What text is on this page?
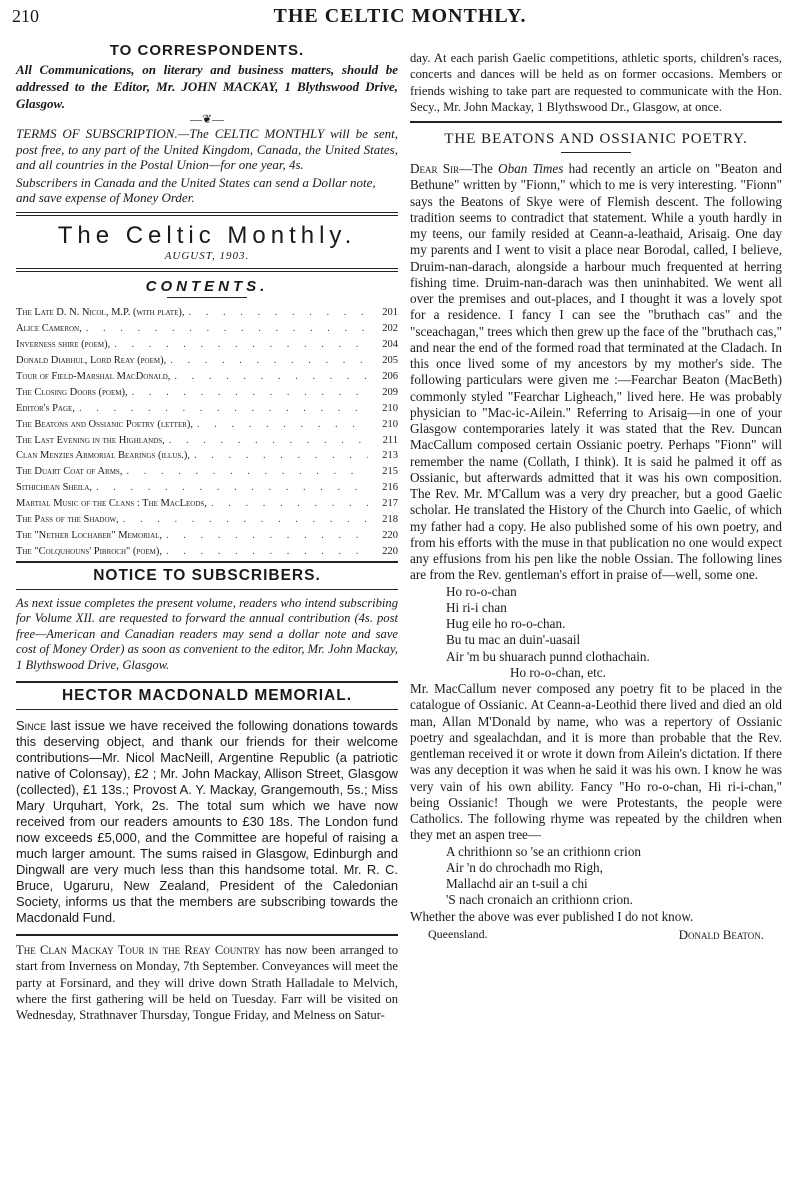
210	THE CELTIC MONTHLY.
TO CORRESPONDENTS.

All Communications, on literary and business matters, should be addressed to the Editor, Mr. JOHN MACKAY, 1 Blythswood Drive, Glasgow.

—❦—

TERMS OF SUBSCRIPTION.—The CELTIC MONTHLY will be sent, post free, to any part of the United Kingdom, Canada, the United States, and all countries in the Postal Union—for one year, 4s.

Subscribers in Canada and the United States can send a Dollar note, and save expense of Money Order.

The Celtic Monthly.
AUGUST, 1903.
CONTENTS.
The Late D. N. Nicol, M.P. (with plate), . . .	201
Alice Cameron, . . .	202
Inverness shire (poem), . . .	204
Donald Diabhul, Lord Reay (poem), . . .	205
Tour of Field-Marshal MacDonald, . . .	206
The Closing Doors (poem), . . .	209
Editor's Page, . . .	210
The Beatons and Ossianic Poetry (letter), . . .	210
The Last Evening in the Highlands, . . .	211
Clan Menzies Armorial Bearings (illus.), . . .	213
The Duart Coat of Arms, . . .	215
Sithichean Sheila, . . .	216
Martial Music of the Clans : The MacLeods, . . .	217
The Pass of the Shadow, . . .	218
The "Nether Lochaber" Memorial, . . .	220
The "Colquhouns' Pibroch" (poem), . . .	220
NOTICE TO SUBSCRIBERS.

As next issue completes the present volume, readers who intend subscribing for Volume XII. are requested to forward the annual contribution (4s. post free—American and Canadian readers may send a dollar note and save cost of Money Order) as soon as convenient to the editor, Mr. John Mackay, 1 Blythswood Drive, Glasgow.

HECTOR MACDONALD MEMORIAL.

Since last issue we have received the following donations towards this deserving object, and thank our friends for their welcome contributions—Mr. Nicol MacNeill, Argentine Republic (a patriotic native of Colonsay), £2 ; Mr. John Mackay, Allison Street, Glasgow (collected), £1 13s.; Provost A. Y. Mackay, Grangemouth, 5s.; Miss Mary Urquhart, York, 2s. The total sum which we have now received from our readers amounts to £30 18s. The London fund now exceeds £5,000, and the Committee are hopeful of raising a much larger amount. The sums raised in Glasgow, Edinburgh and Dingwall are very much less than this handsome total. Mr. R. C. Bruce, Ugaruru, New Zealand, President of the Caledonian Society, informs us that the members are subscribing towards the Macdonald Fund.

The Clan Mackay Tour in the Reay Country has now been arranged to start from Inverness on Monday, 7th September. Conveyances will meet the party at Forsinard, and they will drive down Strath Halladale to Melvich, where the first gathering will be held on Tuesday. Farr will be visited on Wednesday, Strathnaver Thursday, Tongue Friday, and Melness on Satur-

day. At each parish Gaelic competitions, athletic sports, children's races, concerts and dances will be held as on former occasions. Members or friends wishing to take part are requested to communicate with the Hon. Secy., Mr. John Mackay, 1 Blythswood Dr., Glasgow, at once.

THE BEATONS AND OSSIANIC POETRY.

Dear Sir—The Oban Times had recently an article on "Beaton and Bethune" written by "Fionn," which to me is very interesting. "Fionn" says the Beatons of Skye were of Flemish descent. The following tradition seems to contradict that statement. While a youth hardly in my teens, our family resided at Ceann-a-leathaid, Arisaig. One day my parents and I went to visit a place near Borodal, called, I believe, Druim-nan-darach, alongside a harbour much frequented at herring fishing time. Druim-nan-darach was then uninhabited. We went all over the premises and out-places, and I thought it was a lovely spot for a residence. I fancy I can see the "bruthach cas" and the "sceachagan," trees which then grew up the face of the "bruthach cas," and near the end of the formed road that terminated at the Cladach. In this once lived some of my ancestors by my mother's side. The following particulars were given me :—Fearchar Beaton (MacBeth) commonly styled "Fearchar Ligheach," lived here. He was probably physician to "Mac-ic-Ailein." Referring to Arisaig—in one of your Glasgow contemporaries lately it was stated that the Rev. Duncan MacCallum composed certain Ossianic poetry. Perhaps "Fionn" will remember the name (Collath, I think). It is said he palmed it off as Ossianic, but afterwards admitted that it was his own composition. The Rev. Mr. M'Callum was a very dry preacher, but a good Gaelic scholar. He translated the History of the Church into Gaelic, of which my father had a copy. He also published some of his own poetry, and from his efforts with the muse in that publication no one would expect any effusions from his pen like the noble Ossian. The following lines are from the Rev. gentleman's effort in praise of—well, some one.

Ho ro-o-chan
Hi ri-i chan
Hug eile ho ro-o-chan.
Bu tu mac an duin'-uasail
Air 'm bu shuarach punnd clothachain.
Ho ro-o-chan, etc.

Mr. MacCallum never composed any poetry fit to be placed in the catalogue of Ossianic. At Ceann-a-Leothid there lived and died an old man, Allan M'Donald by name, who was a repertory of Ossianic poetry and sgealachdan, and it is more than probable that the Rev. gentleman received it or wrote it down from Ailein's dictation. If there was any deception it was when he said it was his own. I know he was very vain of his own ability. Fancy "Ho ro-o-chan, Hi ri-i-chan," being Ossianic! Though we were Protestants, the people were Catholics. The following rhyme was repeated by the children when they met an aspen tree—

A chrithionn so 'se an crithionn crion
Air 'n do chrochadh mo Righ,
Mallachd air an t-suil a chi
'S nach cronaich an crithionn crion.

Whether the above was ever published I do not know.

Queensland.	Donald Beaton.
